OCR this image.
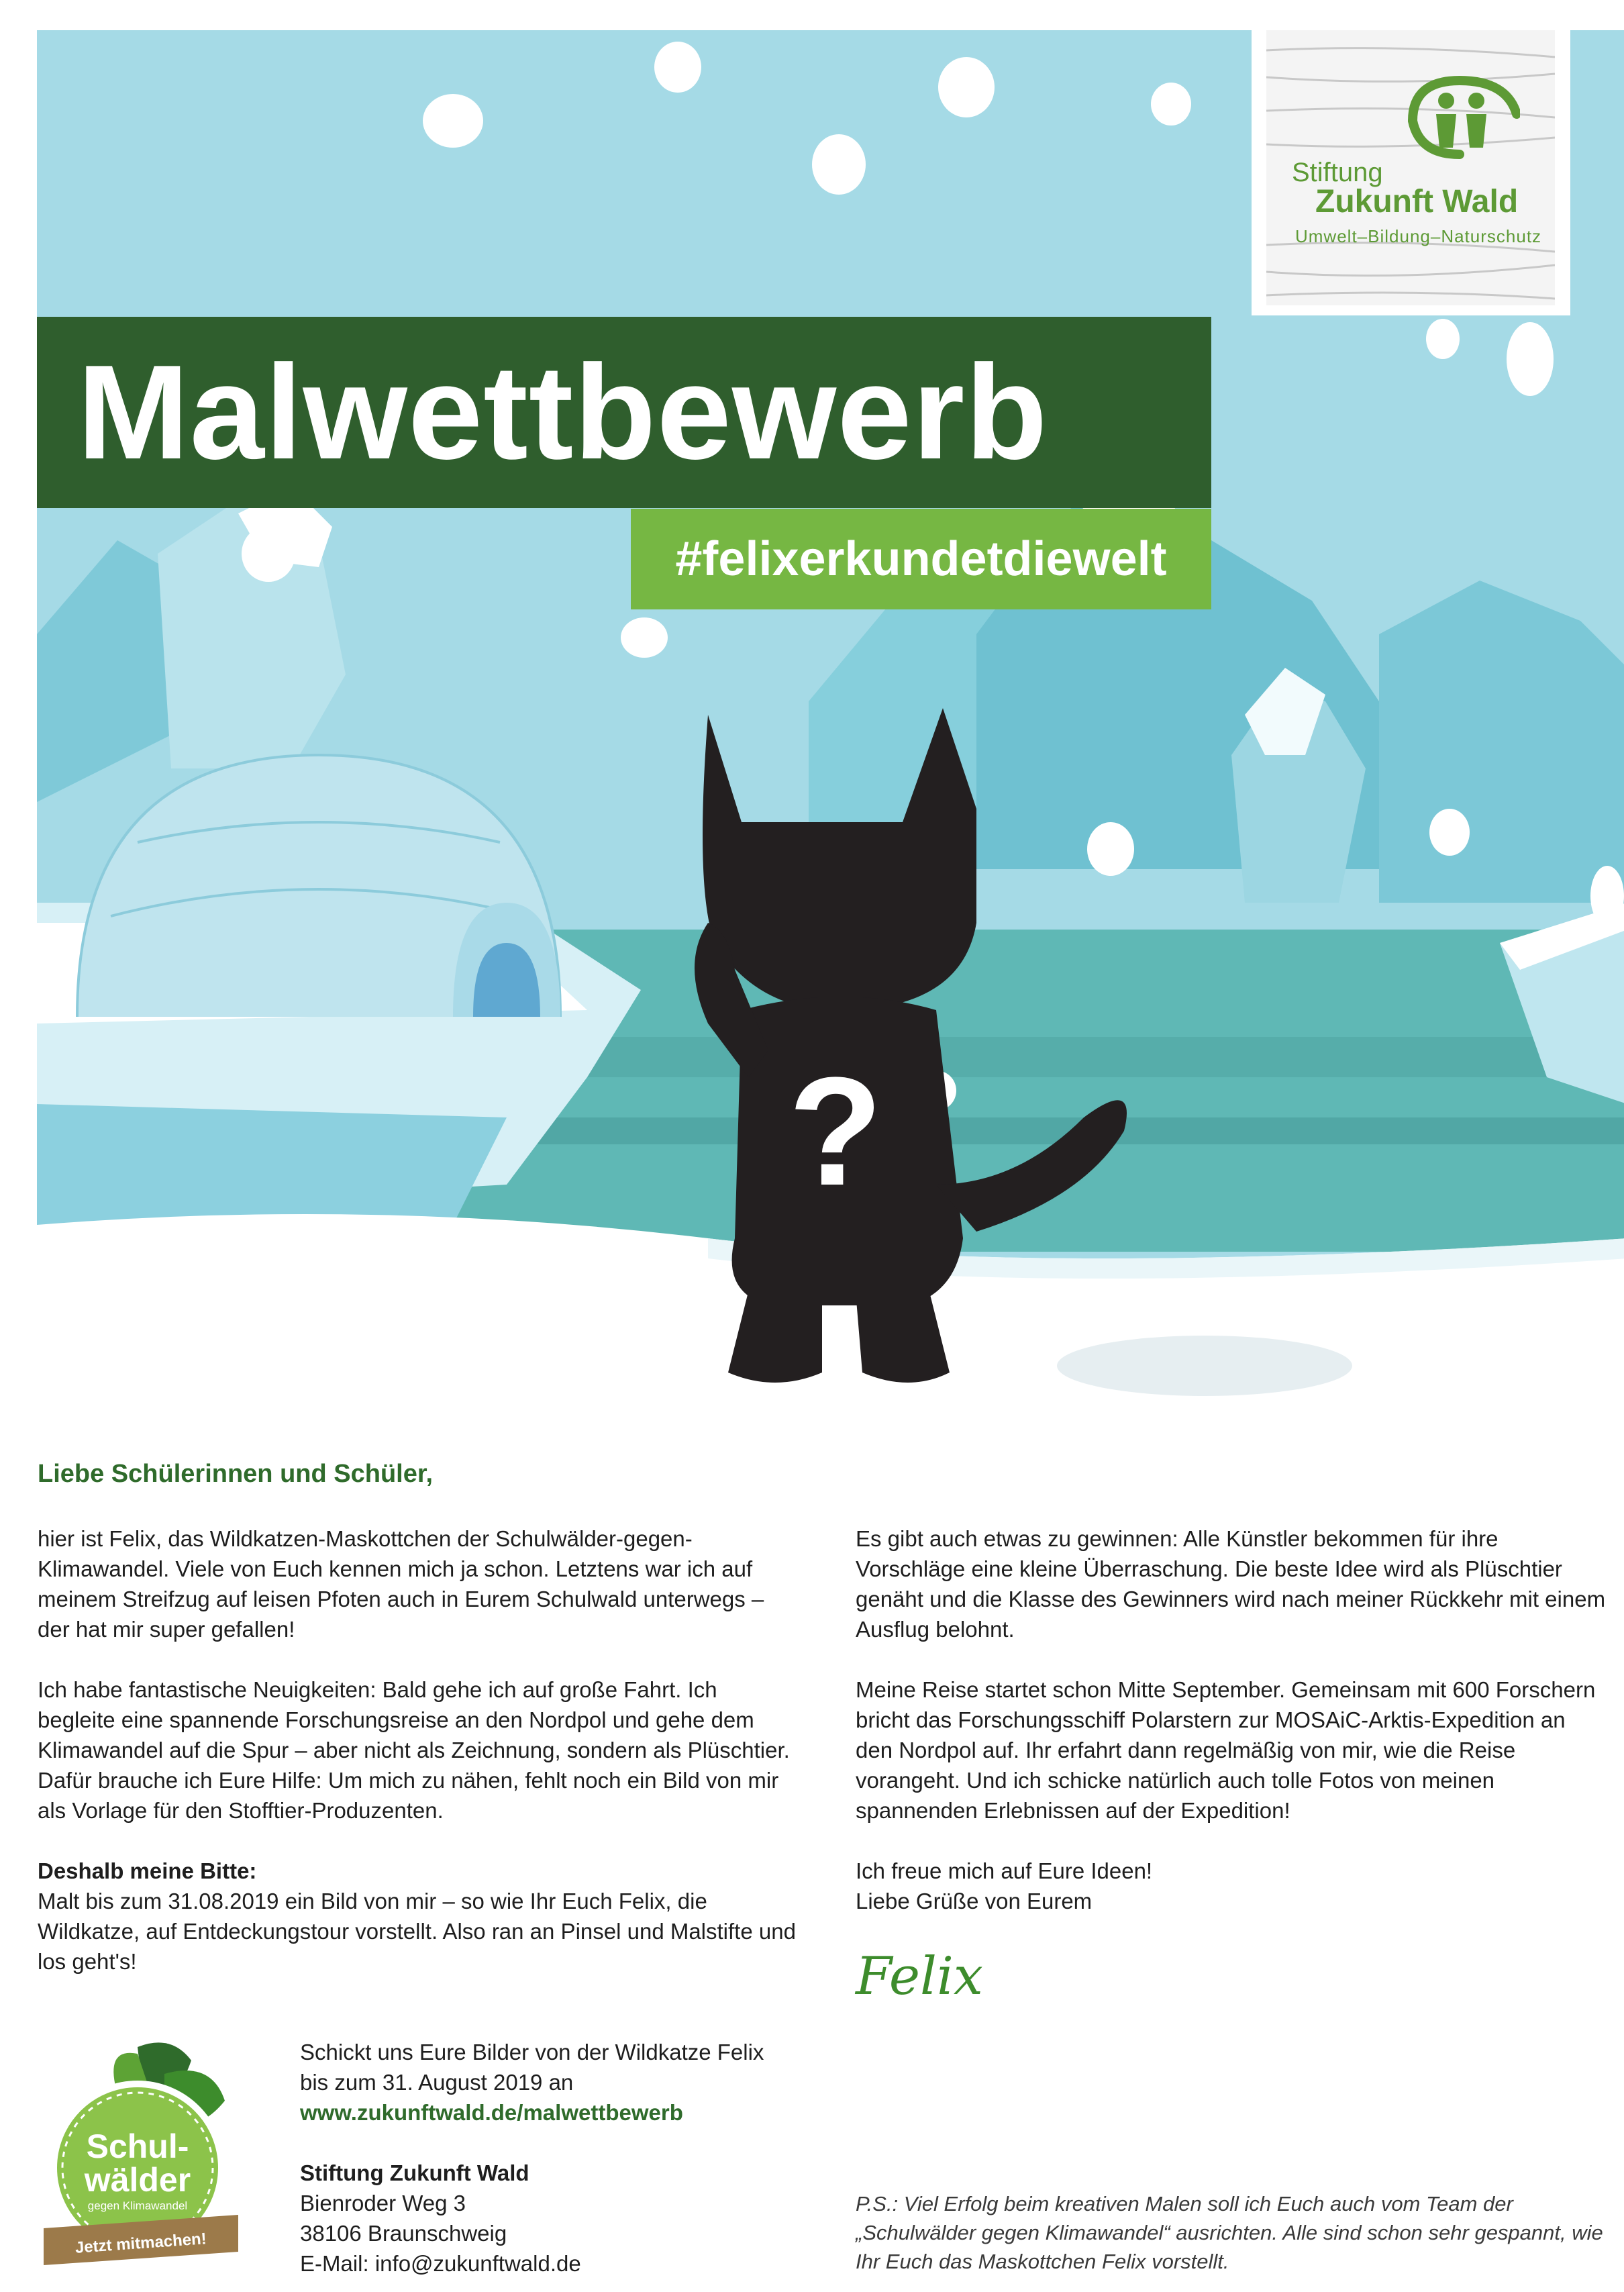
?
Malwettbewerb
#felixerkundetdiewelt
Stiftung
Zukunft Wald
Umwelt–Bildung–Naturschutz
Liebe Schülerinnen und Schüler,

hier ist Felix, das Wildkatzen-Maskottchen der Schulwälder-gegen-Klimawandel. Viele von Euch kennen mich ja schon. Letztens war ich auf meinem Streifzug auf leisen Pfoten auch in Eurem Schulwald unterwegs – der hat mir super gefallen!

Ich habe fantastische Neuigkeiten: Bald gehe ich auf große Fahrt. Ich begleite eine spannende Forschungsreise an den Nordpol und gehe dem Klimawandel auf die Spur – aber nicht als Zeichnung, sondern als Plüschtier. Dafür brauche ich Eure Hilfe: Um mich zu nähen, fehlt noch ein Bild von mir als Vorlage für den Stofftier-Produzenten.

Deshalb meine Bitte:

Malt bis zum 31.08.2019 ein Bild von mir – so wie Ihr Euch Felix, die Wildkatze, auf Entdeckungstour vorstellt. Also ran an Pinsel und Malstifte und los geht's!

Es gibt auch etwas zu gewinnen: Alle Künstler bekommen für ihre Vorschläge eine kleine Überraschung. Die beste Idee wird als Plüschtier genäht und die Klasse des Gewinners wird nach meiner Rückkehr mit einem Ausflug belohnt.

Meine Reise startet schon Mitte September. Gemeinsam mit 600 Forschern bricht das Forschungsschiff Polarstern zur MOSAiC-Arktis-Expedition an den Nordpol auf. Ihr erfahrt dann regelmäßig von mir, wie die Reise vorangeht. Und ich schicke natürlich auch tolle Fotos von meinen spannenden Erlebnissen auf der Expedition!

Ich freue mich auf Eure Ideen!
Liebe Grüße von Eurem
Felix
Schul-
wälder
gegen Klimawandel
Jetzt mitmachen!
Schickt uns Eure Bilder von der Wildkatze Felix
bis zum 31. August 2019 an
www.zukunftwald.de/malwettbewerb
Stiftung Zukunft Wald
Bienroder Weg 3
38106 Braunschweig
E-Mail: info@zukunftwald.de
P.S.: Viel Erfolg beim kreativen Malen soll ich Euch auch vom Team der „Schulwälder gegen Klimawandel“ ausrichten. Alle sind schon sehr gespannt, wie Ihr Euch das Maskottchen Felix vorstellt.
